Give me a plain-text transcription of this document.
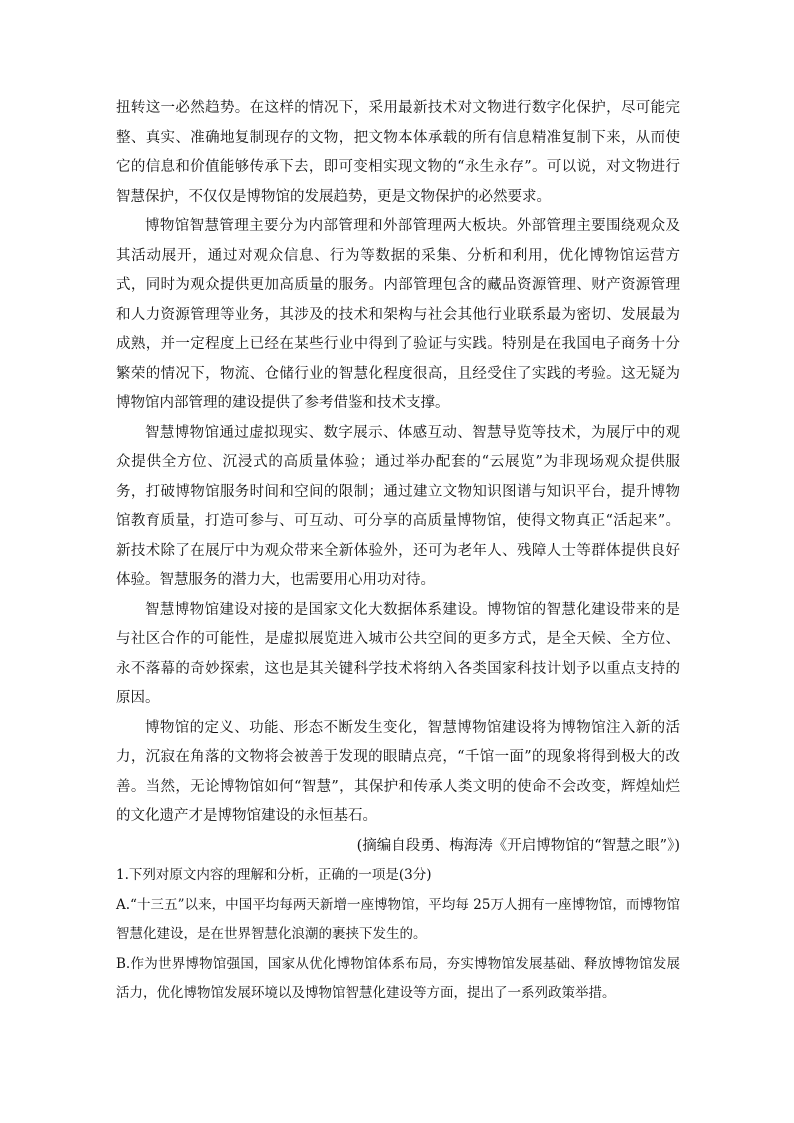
扭转这一必然趋势。在这样的情况下，采用最新技术对文物进行数字化保护，尽可能完整、真实、准确地复制现存的文物，把文物本体承载的所有信息精准复制下来，从而使它的信息和价值能够传承下去，即可变相实现文物的“永生永存”。可以说，对文物进行智慧保护，不仅仅是博物馆的发展趋势，更是文物保护的必然要求。

博物馆智慧管理主要分为内部管理和外部管理两大板块。外部管理主要围绕观众及其活动展开，通过对观众信息、行为等数据的采集、分析和利用，优化博物馆运营方式，同时为观众提供更加高质量的服务。内部管理包含的藏品资源管理、财产资源管理和人力资源管理等业务，其涉及的技术和架构与社会其他行业联系最为密切、发展最为成熟，并一定程度上已经在某些行业中得到了验证与实践。特别是在我国电子商务十分繁荣的情况下，物流、仓储行业的智慧化程度很高，且经受住了实践的考验。这无疑为博物馆内部管理的建设提供了参考借鉴和技术支撑。

智慧博物馆通过虚拟现实、数字展示、体感互动、智慧导览等技术，为展厅中的观众提供全方位、沉浸式的高质量体验；通过举办配套的“云展览”为非现场观众提供服务，打破博物馆服务时间和空间的限制；通过建立文物知识图谱与知识平台，提升博物馆教育质量，打造可参与、可互动、可分享的高质量博物馆，使得文物真正“活起来”。新技术除了在展厅中为观众带来全新体验外，还可为老年人、残障人士等群体提供良好体验。智慧服务的潜力大，也需要用心用功对待。

智慧博物馆建设对接的是国家文化大数据体系建设。博物馆的智慧化建设带来的是与社区合作的可能性，是虚拟展览进入城市公共空间的更多方式，是全天候、全方位、永不落幕的奇妙探索，这也是其关键科学技术将纳入各类国家科技计划予以重点支持的原因。

博物馆的定义、功能、形态不断发生变化，智慧博物馆建设将为博物馆注入新的活力，沉寂在角落的文物将会被善于发现的眼睛点亮，“千馆一面”的现象将得到极大的改善。当然，无论博物馆如何“智慧”，其保护和传承人类文明的使命不会改变，辉煌灿烂的文化遗产才是博物馆建设的永恒基石。

(摘编自段勇、梅海涛《开启博物馆的“智慧之眼”》)

1.下列对原文内容的理解和分析，正确的一项是(3分)

A.“十三五”以来，中国平均每两天新增一座博物馆，平均每 25万人拥有一座博物馆，而博物馆智慧化建设，是在世界智慧化浪潮的裹挟下发生的。

B.作为世界博物馆强国，国家从优化博物馆体系布局，夯实博物馆发展基础、释放博物馆发展活力，优化博物馆发展环境以及博物馆智慧化建设等方面，提出了一系列政策举措。
